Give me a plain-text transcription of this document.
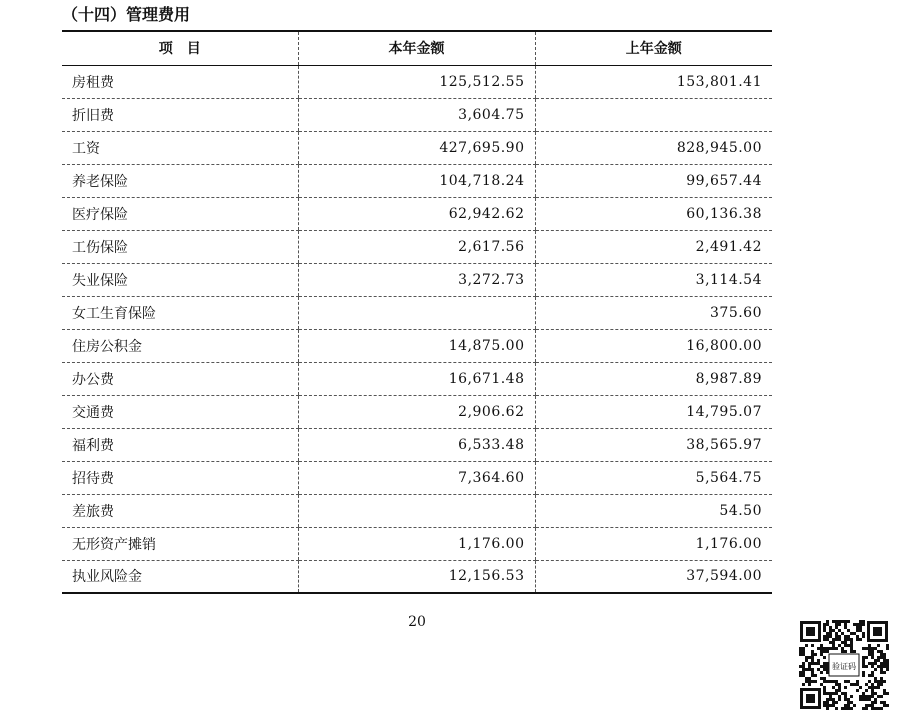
（十四）管理费用
项　目	本年金额	上年金额
房租费	125,512.55	153,801.41
折旧费	3,604.75	
工资	427,695.90	828,945.00
养老保险	104,718.24	99,657.44
医疗保险	62,942.62	60,136.38
工伤保险	2,617.56	2,491.42
失业保险	3,272.73	3,114.54
女工生育保险		375.60
住房公积金	14,875.00	16,800.00
办公费	16,671.48	8,987.89
交通费	2,906.62	14,795.07
福利费	6,533.48	38,565.97
招待费	7,364.60	5,564.75
差旅费		54.50
无形资产摊销	1,176.00	1,176.00
执业风险金	12,156.53	37,594.00
20
验证码
